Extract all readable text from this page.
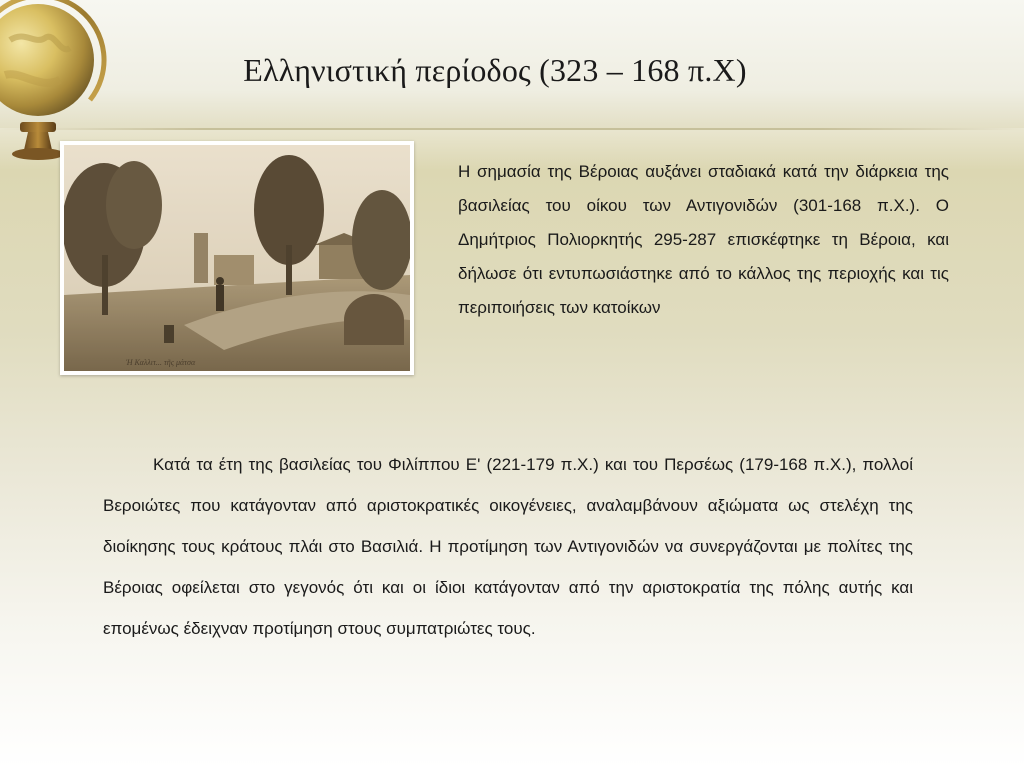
Ελληνιστική περίοδος (323 – 168 π.Χ)
Ἡ Καλλιτ... τῆς μάτσα
Η σημασία της Βέροιας αυξάνει σταδιακά κατά την διάρκεια της βασιλείας του οίκου των Αντιγονιδών (301-168 π.Χ.). Ο Δημήτριος Πολιορκητής 295-287 επισκέφτηκε τη Βέροια, και δήλωσε ότι εντυπωσιάστηκε από το κάλλος της περιοχής και τις περιποιήσεις των κατοίκων
Κατά τα έτη της βασιλείας του Φιλίππου Ε' (221-179 π.Χ.) και του Περσέως (179-168 π.Χ.), πολλοί Βεροιώτες που κατάγονταν από αριστοκρατικές οικογένειες, αναλαμβάνουν αξιώματα ως στελέχη της διοίκησης τους κράτους πλάι στο Βασιλιά. Η προτίμηση των Αντιγονιδών να συνεργάζονται με πολίτες της Βέροιας οφείλεται στο γεγονός ότι και οι ίδιοι κατάγονταν από την αριστοκρατία της πόλης αυτής και επομένως έδειχναν προτίμηση στους συμπατριώτες τους.
